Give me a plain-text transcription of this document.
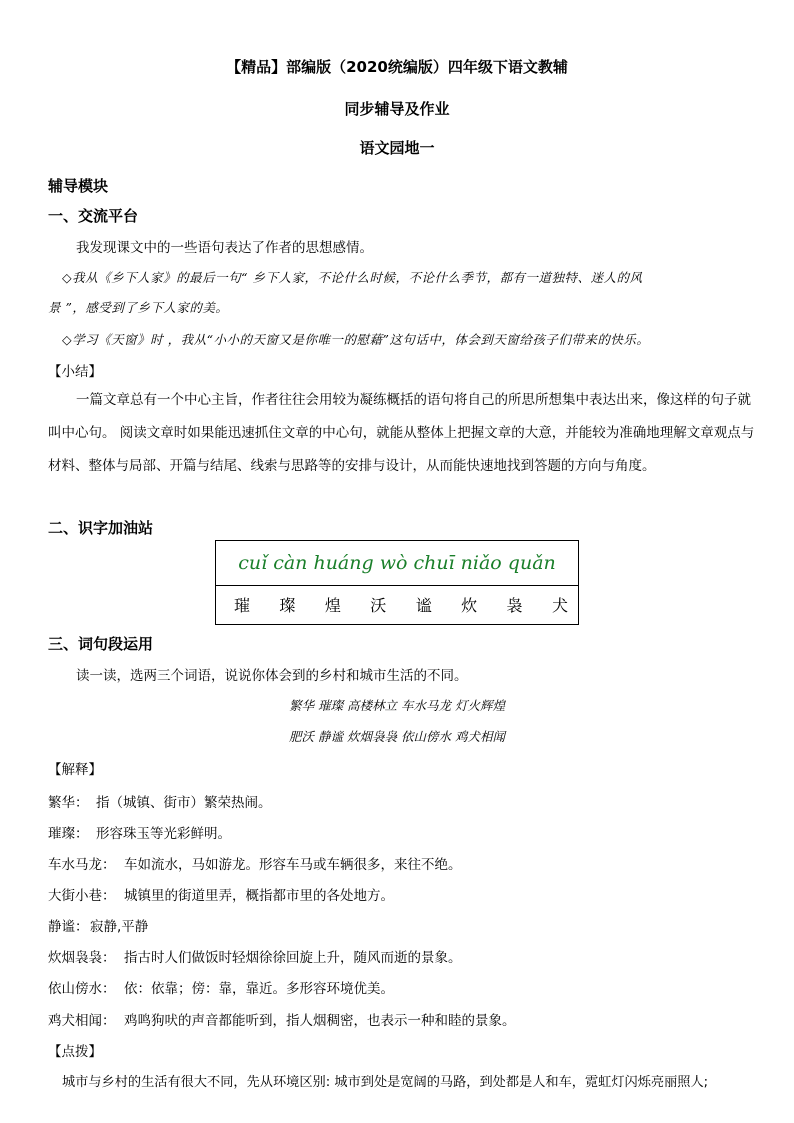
【精品】部编版（2020统编版）四年级下语文教辅
同步辅导及作业
语文园地一
辅导模块
一、交流平台
我发现课文中的一些语句表达了作者的思想感情。
◇我从《乡下人家》的最后一句“ 乡下人家，不论什么时候，不论什么季节，都有一道独特、迷人的风
景 ”，感受到了乡下人家的美。
◇学习《天窗》时 ，我从“小小的天窗又是你唯一的慰藉”这句话中，体会到天窗给孩子们带来的快乐。
【小结】
一篇文章总有一个中心主旨，作者往往会用较为凝练概括的语句将自己的所思所想集中表达出来，像这样的句子就叫中心句。 阅读文章时如果能迅速抓住文章的中心句，就能从整体上把握文章的大意，并能较为准确地理解文章观点与材料、整体与局部、开篇与结尾、线索与思路等的安排与设计，从而能快速地找到答题的方向与角度。
二、识字加油站
cuǐ càn huáng wò chuī niǎo quǎn

璀 璨 煌 沃 谧 炊 袅 犬
三、词句段运用
读一读，选两三个词语，说说你体会到的乡村和城市生活的不同。
繁华 璀璨 高楼林立 车水马龙 灯火辉煌
肥沃 静谧 炊烟袅袅 依山傍水 鸡犬相闻
【解释】
繁华： 指（城镇、街市）繁荣热闹。
璀璨： 形容珠玉等光彩鲜明。
车水马龙： 车如流水，马如游龙。形容车马或车辆很多，来往不绝。
大街小巷： 城镇里的街道里弄，概指都市里的各处地方。
静谧： 寂静,平静
炊烟袅袅： 指古时人们做饭时轻烟徐徐回旋上升，随风而逝的景象。
依山傍水： 依：依靠；傍：靠，靠近。多形容环境优美。
鸡犬相闻： 鸡鸣狗吠的声音都能听到，指人烟稠密，也表示一种和睦的景象。
【点拨】
城市与乡村的生活有很大不同，先从环境区别: 城市到处是宽阔的马路，到处都是人和车，霓虹灯闪烁亮丽照人;
